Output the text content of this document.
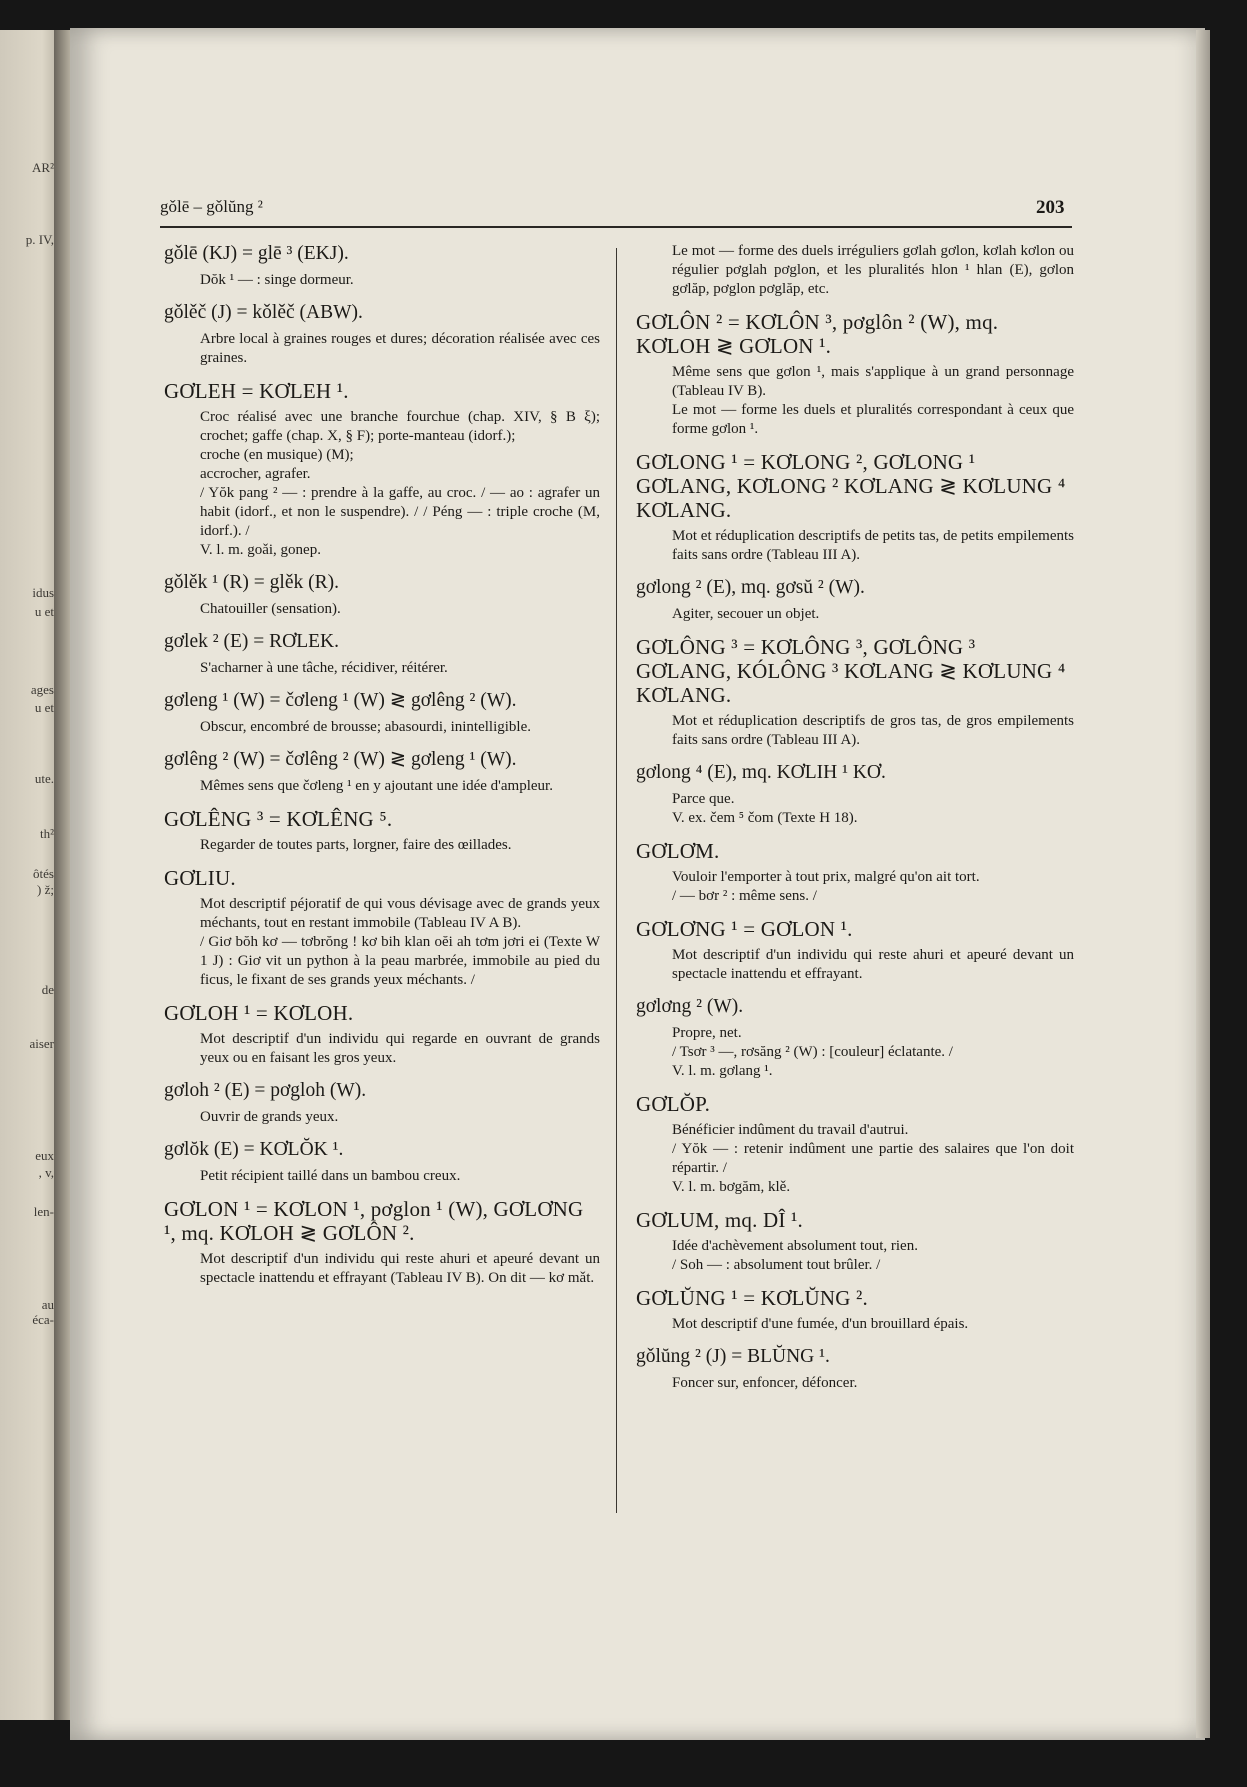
AR²
p. IV,
idus
u et
ages
u et
ute.
th²
ôtés
) ž;
de
aiser
eux
, v,
len-
au
éca-
gǒlē – gǒlŭng ²	203
gǒlē (KJ) = glē ³ (EKJ).

Dŏk ¹ — : singe dormeur.

gǒlěč (J) = kǒlěč (ABW).

Arbre local à graines rouges et dures; décoration réalisée avec ces graines.

GƠLEH = KƠLEH ¹.

Croc réalisé avec une branche fourchue (chap. XIV, § B ξ); crochet; gaffe (chap. X, § F); porte-manteau (idorf.);

croche (en musique) (M);

accrocher, agrafer.

/ Yŏk pang ² — : prendre à la gaffe, au croc. / — ao : agrafer un habit (idorf., et non le suspendre). / / Péng — : triple croche (M, idorf.). /

V. l. m. goǎi, gonep.

gǒlěk ¹ (R) = glěk (R).

Chatouiller (sensation).

gơlek ² (E) = RƠLEK.

S'acharner à une tâche, récidiver, réitérer.

gơleng ¹ (W) = čơleng ¹ (W) ≷ gơlêng ² (W).

Obscur, encombré de brousse; abasourdi, inintelligible.

gơlêng ² (W) = čơlêng ² (W) ≷ gơleng ¹ (W).

Mêmes sens que čơleng ¹ en y ajoutant une idée d'ampleur.

GƠLÊNG ³ = KƠLÊNG ⁵.

Regarder de toutes parts, lorgner, faire des œillades.

GƠLIU.

Mot descriptif péjoratif de qui vous dévisage avec de grands yeux méchants, tout en restant immobile (Tableau IV A B).

/ Giơ bŏh kơ — tơbrŏng ! kơ bih klan oĕi ah tơm jơri ei (Texte W 1 J) : Giơ vit un python à la peau marbrée, immobile au pied du ficus, le fixant de ses grands yeux méchants. /

GƠLOH ¹ = KƠLOH.

Mot descriptif d'un individu qui regarde en ouvrant de grands yeux ou en faisant les gros yeux.

gơloh ² (E) = pơgloh (W).

Ouvrir de grands yeux.

gơlŏk (E) = KƠLŎK ¹.

Petit récipient taillé dans un bambou creux.

GƠLON ¹ = KƠLON ¹, pơglon ¹ (W), GƠLƠNG ¹, mq. KƠLOH ≷ GƠLÔN ².

Mot descriptif d'un individu qui reste ahuri et apeuré devant un spectacle inattendu et effrayant (Tableau IV B). On dit — kơ mǎt.

Le mot — forme des duels irréguliers gơlah gơlon, kơlah kơlon ou régulier pơglah pơglon, et les pluralités hlon ¹ hlan (E), gơlon gơlăp, pơglon pơglăp, etc.

GƠLÔN ² = KƠLÔN ³, pơglôn ² (W), mq. KƠLOH ≷ GƠLON ¹.

Même sens que gơlon ¹, mais s'applique à un grand personnage (Tableau IV B).

Le mot — forme les duels et pluralités correspondant à ceux que forme gơlon ¹.

GƠLONG ¹ = KƠLONG ², GƠLONG ¹ GƠLANG, KƠLONG ² KƠLANG ≷ KƠLUNG ⁴ KƠLANG.

Mot et réduplication descriptifs de petits tas, de petits empilements faits sans ordre (Tableau III A).

gơlong ² (E), mq. gơsŭ ² (W).

Agiter, secouer un objet.

GƠLÔNG ³ = KƠLÔNG ³, GƠLÔNG ³ GƠLANG, KÓLÔNG ³ KƠLANG ≷ KƠLUNG ⁴ KƠLANG.

Mot et réduplication descriptifs de gros tas, de gros empilements faits sans ordre (Tableau III A).

gơlong ⁴ (E), mq. KƠLIH ¹ KƠ.

Parce que.

V. ex. čem ⁵ čom (Texte H 18).

GƠLƠM.

Vouloir l'emporter à tout prix, malgré qu'on ait tort.

/ — bơr ² : même sens. /

GƠLƠNG ¹ = GƠLON ¹.

Mot descriptif d'un individu qui reste ahuri et apeuré devant un spectacle inattendu et effrayant.

gơlơng ² (W).

Propre, net.

/ Tsơr ³ —, rơsăng ² (W) : [couleur] éclatante. /

V. l. m. gơlang ¹.

GƠLŎP.

Bénéficier indûment du travail d'autrui.

/ Yŏk — : retenir indûment une partie des salaires que l'on doit répartir. /

V. l. m. bơgăm, klě.

GƠLUM, mq. DÎ ¹.

Idée d'achèvement absolument tout, rien.

/ Soh — : absolument tout brûler. /

GƠLŬNG ¹ = KƠLŬNG ².

Mot descriptif d'une fumée, d'un brouillard épais.

gǒlŭng ² (J) = BLŬNG ¹.

Foncer sur, enfoncer, défoncer.
